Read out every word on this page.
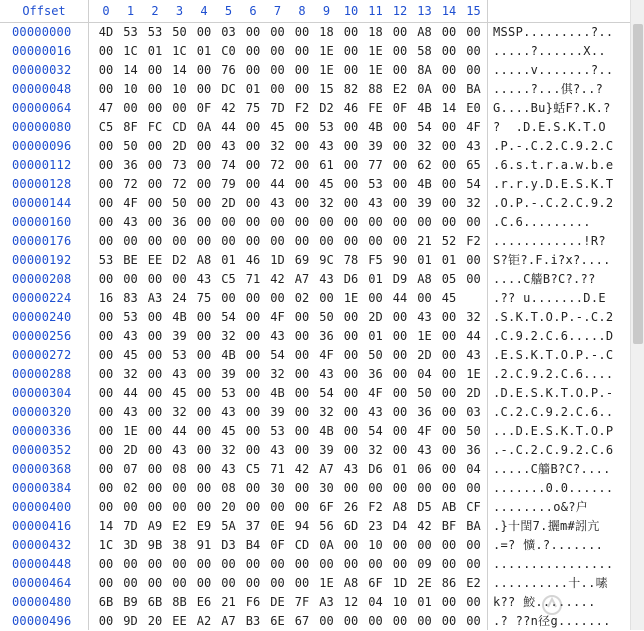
Offset	0	1	2	3	4	5	6	7	8	9	10 11 12 13 14 15
00000000	4D 53 53 50 00 03 00 00 00 18 00 18 00 A8 00 00	MSSP.........?..
00000016	00 1C 01 1C 01 C0 00 00 00 1E 00 1E 00 58 00 00	.....?......X..
00000032	00 14 00 14 00 76 00 00 00 1E 00 1E 00 8A 00 00	.....v.......?..
00000048	00 10 00 10 00 DC 01 00 00 15 82 88 E2 0A 00 BA	.....?...倛?..?
00000064	47 00 00 00 0F 42 75 7D F2 D2 46 FE 0F 4B 14 E0	G....Bu}蛞F?.K.?
00000080	C5 8F FC CD 0A 44 00 45 00 53 00 4B 00 54 00 4F	?  .D.E.S.K.T.O
00000096	00 50 00 2D 00 43 00 32 00 43 00 39 00 32 00 43	.P.-.C.2.C.9.2.C
00000112	00 36 00 73 00 74 00 72 00 61 00 77 00 62 00 65	.6.s.t.r.a.w.b.e
00000128	00 72 00 72 00 79 00 44 00 45 00 53 00 4B 00 54	.r.r.y.D.E.S.K.T
00000144	00 4F 00 50 00 2D 00 43 00 32 00 43 00 39 00 32	.O.P.-.C.2.C.9.2
00000160	00 43 00 36 00 00 00 00 00 00 00 00 00 00 00 00	.C.6.........
00000176	00 00 00 00 00 00 00 00 00 00 00 00 00 21 52 F2	............!R?
00000192	53 BE EE D2 A8 01 46 1D 69 9C 78 F5 90 01 01 00	S?钜?.F.i?x?....
00000208	00 00 00 00 43 C5 71 42 A7 43 D6 01 D9 A8 05 00	....C艢B?C?.??
00000224	16 83 A3 24 75 00 00 00 02 00 1E 00 44 00 45	.?? u.......D.E
00000240	00 53 00 4B 00 54 00 4F 00 50 00 2D 00 43 00 32	.S.K.T.O.P.-.C.2
00000256	00 43 00 39 00 32 00 43 00 36 00 01 00 1E 00 44	.C.9.2.C.6.....D
00000272	00 45 00 53 00 4B 00 54 00 4F 00 50 00 2D 00 43	.E.S.K.T.O.P.-.C
00000288	00 32 00 43 00 39 00 32 00 43 00 36 00 04 00 1E	.2.C.9.2.C.6....
00000304	00 44 00 45 00 53 00 4B 00 54 00 4F 00 50 00 2D	.D.E.S.K.T.O.P.-
00000320	00 43 00 32 00 43 00 39 00 32 00 43 00 36 00 03	.C.2.C.9.2.C.6..
00000336	00 1E 00 44 00 45 00 53 00 4B 00 54 00 4F 00 50	...D.E.S.K.T.O.P
00000352	00 2D 00 43 00 32 00 43 00 39 00 32 00 43 00 36	.-.C.2.C.9.2.C.6
00000368	00 07 00 08 00 43 C5 71 42 A7 43 D6 01 06 00 04	.....C艢B?C?....
00000384	00 02 00 00 00 08 00 30 00 30 00 00 00 00 00 00	.......0.0......
00000400	00 00 00 00 00 20 00 00 00 6F 26 F2 A8 D5 AB CF	........o&?户
00000416	14 7D A9 E2 E9 5A 37 0E 94 56 6D 23 D4 42 BF BA	.}十閏7.攦m#訠亢
00000432	1C 3D 9B 38 91 D3 B4 0F CD 0A 00 10 00 00 00 00	.=? 懭.?.......
00000448	00 00 00 00 00 00 00 00 00 00 00 00 00 09 00 00	................
00000464	00 00 00 00 00 00 00 00 00 1E A8 6F 1D 2E 86 E2	..........十..嗉
00000480	6B B9 6B 8B E6 21 F6 DE 7F A3 12 04 10 01 00 00	k?? 鮫........
00000496	00 9D 20 EE A2 A7 B3 6E 67 00 00 00 00 00 00 00	.? ??n径g.......
